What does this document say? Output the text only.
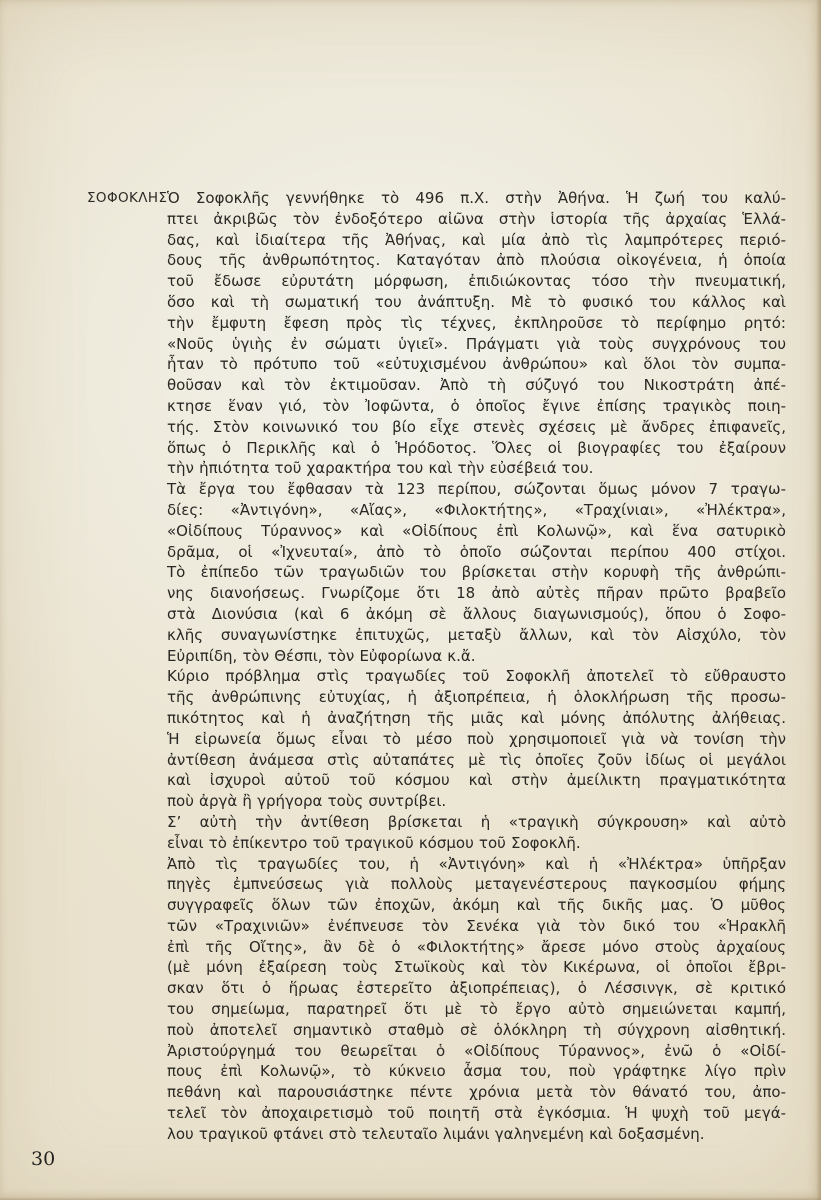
ΣΟΦΟΚΛΗΣ Ὁ Σοφοκλῆς γεννήθηκε τὸ 496 π.Χ. στὴν Ἀθήνα. Ἡ ζωή του καλύ-
πτει ἀκριβῶς τὸν ἐνδοξότερο αἰῶνα στὴν ἱστορία τῆς ἀρχαίας Ἑλλά-
δας, καὶ ἰδιαίτερα τῆς Ἀθήνας, καὶ μία ἀπὸ τὶς λαμπρότερες περιό-
δους τῆς ἀνθρωπότητος. Καταγόταν ἀπὸ πλούσια οἰκογένεια, ἡ ὁποία
τοῦ ἔδωσε εὐρυτάτη μόρφωση, ἐπιδιώκοντας τόσο τὴν πνευματική,
ὅσο καὶ τὴ σωματική του ἀνάπτυξη. Μὲ τὸ φυσικό του κάλλος καὶ
τὴν ἔμφυτη ἔφεση πρὸς τὶς τέχνες, ἐκπληροῦσε τὸ περίφημο ρητό:
«Νοῦς ὑγιὴς ἐν σώματι ὑγιεῖ». Πράγματι γιὰ τοὺς συγχρόνους του
ἦταν τὸ πρότυπο τοῦ «εὐτυχισμένου ἀνθρώπου» καὶ ὅλοι τὸν συμπα-
θοῦσαν καὶ τὸν ἐκτιμοῦσαν. Ἀπὸ τὴ σύζυγό του Νικοστράτη ἀπέ-
κτησε ἕναν γιό, τὸν Ἰοφῶντα, ὁ ὁποῖος ἔγινε ἐπίσης τραγικὸς ποιη-
τής. Στὸν κοινωνικό του βίο εἶχε στενὲς σχέσεις μὲ ἄνδρες ἐπιφανεῖς,
ὅπως ὁ Περικλῆς καὶ ὁ Ἡρόδοτος. Ὅλες οἱ βιογραφίες του ἐξαίρουν
τὴν ἠπιότητα τοῦ χαρακτήρα του καὶ τὴν εὐσέβειά του.
Τὰ ἔργα του ἔφθασαν τὰ 123 περίπου, σώζονται ὅμως μόνον 7 τραγω-
δίες: «Ἀντιγόνη», «Αἴας», «Φιλοκτήτης», «Τραχίνιαι», «Ἠλέκτρα»,
«Οἰδίπους Τύραννος» καὶ «Οἰδίπους ἐπὶ Κολωνῷ», καὶ ἕνα σατυρικὸ
δρᾶμα, οἱ «Ἰχνευταί», ἀπὸ τὸ ὁποῖο σώζονται περίπου 400 στίχοι.
Τὸ ἐπίπεδο τῶν τραγωδιῶν του βρίσκεται στὴν κορυφὴ τῆς ἀνθρώπι-
νης διανοήσεως. Γνωρίζομε ὅτι 18 ἀπὸ αὐτὲς πῆραν πρῶτο βραβεῖο
στὰ Διονύσια (καὶ 6 ἀκόμη σὲ ἄλλους διαγωνισμούς), ὅπου ὁ Σοφο-
κλῆς συναγωνίστηκε ἐπιτυχῶς, μεταξὺ ἄλλων, καὶ τὸν Αἰσχύλο, τὸν
Εὐριπίδη, τὸν Θέσπι, τὸν Εὐφορίωνα κ.ἄ.
Κύριο πρόβλημα στὶς τραγωδίες τοῦ Σοφοκλῆ ἀποτελεῖ τὸ εὔθραυστο
τῆς ἀνθρώπινης εὐτυχίας, ἡ ἀξιοπρέπεια, ἡ ὁλοκλήρωση τῆς προσω-
πικότητος καὶ ἡ ἀναζήτηση τῆς μιᾶς καὶ μόνης ἀπόλυτης ἀλήθειας.
Ἡ εἰρωνεία ὅμως εἶναι τὸ μέσο ποὺ χρησιμοποιεῖ γιὰ νὰ τονίση τὴν
ἀντίθεση ἀνάμεσα στὶς αὐταπάτες μὲ τὶς ὁποῖες ζοῦν ἰδίως οἱ μεγάλοι
καὶ ἰσχυροὶ αὐτοῦ τοῦ κόσμου καὶ στὴν ἀμείλικτη πραγματικότητα
ποὺ ἀργὰ ἢ γρήγορα τοὺς συντρίβει.
Σ’ αὐτὴ τὴν ἀντίθεση βρίσκεται ἡ «τραγικὴ σύγκρουση» καὶ αὐτὸ
εἶναι τὸ ἐπίκεντρο τοῦ τραγικοῦ κόσμου τοῦ Σοφοκλῆ.
Ἀπὸ τὶς τραγωδίες του, ἡ «Ἀντιγόνη» καὶ ἡ «Ἠλέκτρα» ὑπῆρξαν
πηγὲς ἐμπνεύσεως γιὰ πολλοὺς μεταγενέστερους παγκοσμίου φήμης
συγγραφεῖς ὅλων τῶν ἐποχῶν, ἀκόμη καὶ τῆς δικῆς μας. Ὁ μῦθος
τῶν «Τραχινιῶν» ἐνέπνευσε τὸν Σενέκα γιὰ τὸν δικό του «Ἡρακλῆ
ἐπὶ τῆς Οἴτης», ἂν δὲ ὁ «Φιλοκτήτης» ἄρεσε μόνο στοὺς ἀρχαίους
(μὲ μόνη ἐξαίρεση τοὺς Στωϊκοὺς καὶ τὸν Κικέρωνα, οἱ ὁποῖοι ἔβρι-
σκαν ὅτι ὁ ἥρωας ἐστερεῖτο ἀξιοπρέπειας), ὁ Λέσσινγκ, σὲ κριτικό
του σημείωμα, παρατηρεῖ ὅτι μὲ τὸ ἔργο αὐτὸ σημειώνεται καμπή,
ποὺ ἀποτελεῖ σημαντικὸ σταθμὸ σὲ ὁλόκληρη τὴ σύγχρονη αἰσθητική.
Ἀριστούργημά του θεωρεῖται ὁ «Οἰδίπους Τύραννος», ἐνῶ ὁ «Οἰδί-
πους ἐπὶ Κολωνῷ», τὸ κύκνειο ἆσμα του, ποὺ γράφτηκε λίγο πρὶν
πεθάνη καὶ παρουσιάστηκε πέντε χρόνια μετὰ τὸν θάνατό του, ἀπο-
τελεῖ τὸν ἀποχαιρετισμὸ τοῦ ποιητῆ στὰ ἐγκόσμια. Ἡ ψυχὴ τοῦ μεγά-
λου τραγικοῦ φτάνει στὸ τελευταῖο λιμάνι γαληνεμένη καὶ δοξασμένη.
30
